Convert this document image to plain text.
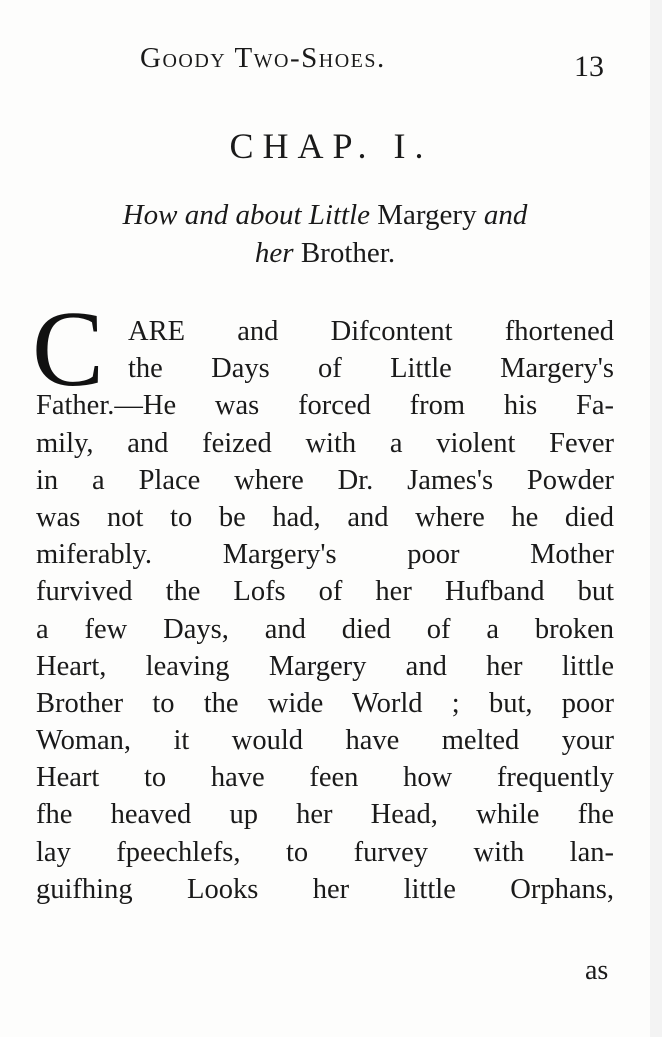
Goody Two-Shoes.	13
CHAP. I.
How and about Little Margery and
her Brother.
C ARE and Difcontent fhortened
the Days of Little Margery's
Father.—He was forced from his Fa-
mily, and feized with a violent Fever
in a Place where Dr. James's Powder
was not to be had, and where he died
miferably. Margery's poor Mother
furvived the Lofs of her Hufband but
a few Days, and died of a broken
Heart, leaving Margery and her little
Brother to the wide World ; but, poor
Woman, it would have melted your
Heart to have feen how frequently
fhe heaved up her Head, while fhe
lay fpeechlefs, to furvey with lan-
guifhing Looks her little Orphans,
as
